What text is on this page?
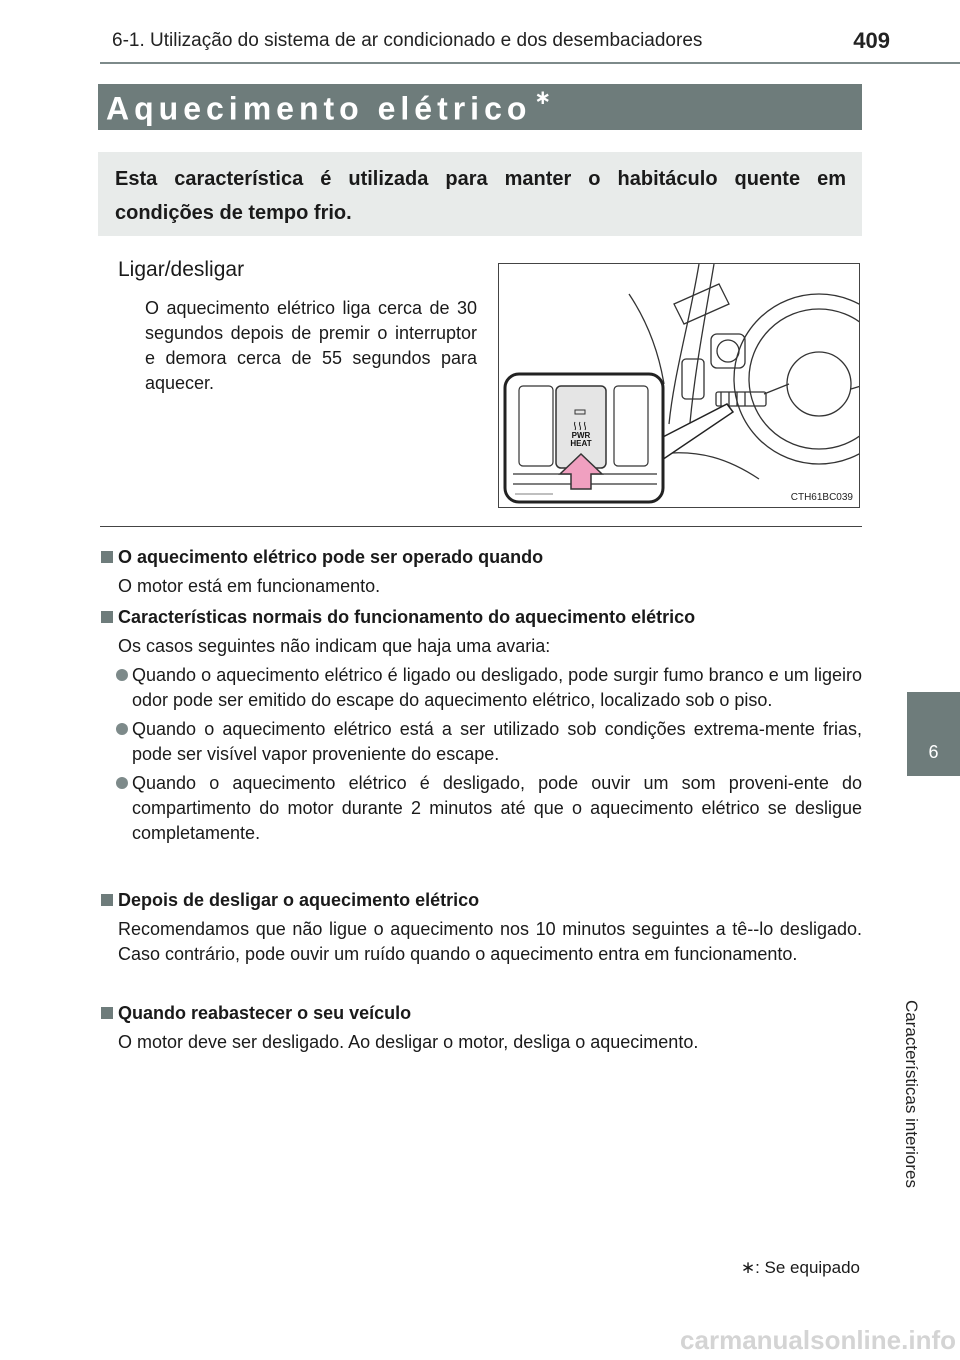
6-1. Utilização do sistema de ar condicionado e dos desembaciadores	409
Aquecimento elétrico ∗
Esta característica é utilizada para manter o habitáculo quente em condições de tempo frio.
Ligar/desligar
O aquecimento elétrico liga cerca de 30 segundos depois de premir o interruptor e demora cerca de 55 segundos para aquecer.
PWR
HEAT
CTH61BC039
O aquecimento elétrico pode ser operado quando
O motor está em funcionamento.
Características normais do funcionamento do aquecimento elétrico
Os casos seguintes não indicam que haja uma avaria:
Quando o aquecimento elétrico é ligado ou desligado, pode surgir fumo branco e um ligeiro odor pode ser emitido do escape do aquecimento elétrico, localizado sob o piso.
Quando o aquecimento elétrico está a ser utilizado sob condições extrema-mente frias, pode ser visível vapor proveniente do escape.
Quando o aquecimento elétrico é desligado, pode ouvir um som proveni-ente do compartimento do motor durante 2 minutos até que o aquecimento elétrico se desligue completamente.
Depois de desligar o aquecimento elétrico
Recomendamos que não ligue o aquecimento nos 10 minutos seguintes a tê--lo desligado. Caso contrário, pode ouvir um ruído quando o aquecimento entra em funcionamento.
Quando reabastecer o seu veículo
O motor deve ser desligado. Ao desligar o motor, desliga o aquecimento.
6
Características interiores
∗: Se equipado
carmanualsonline.info
